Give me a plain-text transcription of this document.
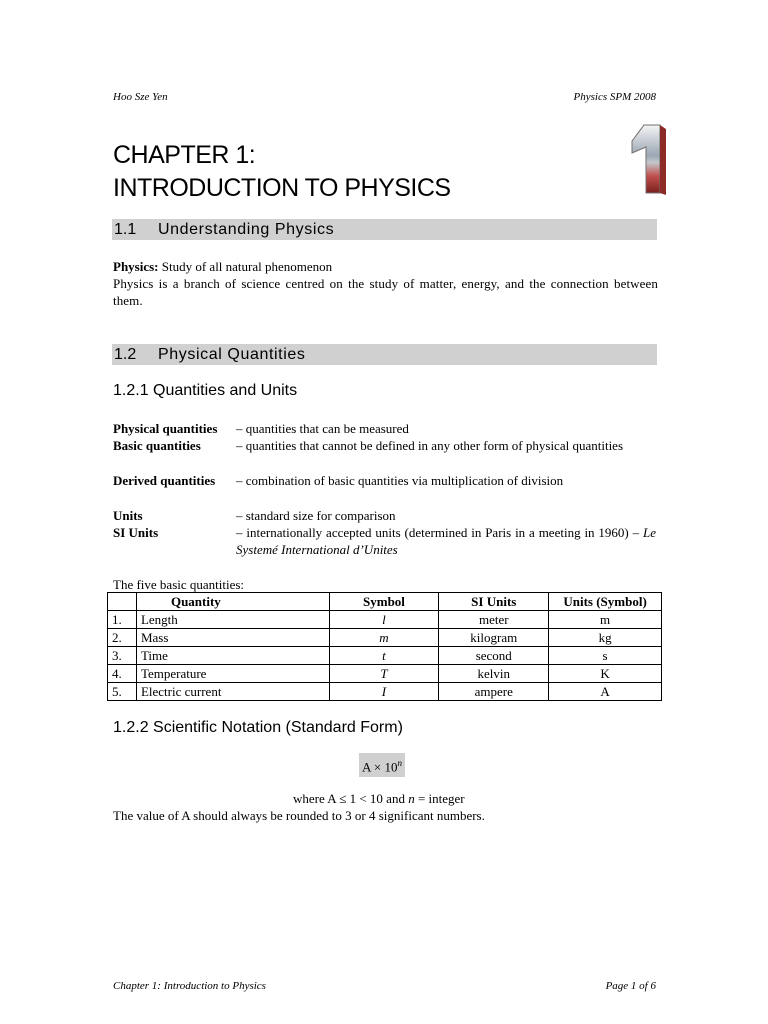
Hoo Sze Yen	Physics SPM 2008
CHAPTER 1:
INTRODUCTION TO PHYSICS
1.1 Understanding Physics
Physics: Study of all natural phenomenon
Physics is a branch of science centred on the study of matter, energy, and the connection between them.
1.2 Physical Quantities
1.2.1 Quantities and Units
Physical quantities – quantities that can be measured
Basic quantities	– quantities that cannot be defined in any other form of physical quantities
Derived quantities – combination of basic quantities via multiplication of division
Units	– standard size for comparison
SI Units	– internationally accepted units (determined in Paris in a meeting in 1960) – Le Systemé International d’Unites
The five basic quantities:
	Quantity	Symbol	SI Units	Units (Symbol)
1.	Length	l	meter	m
2.	Mass	m	kilogram	kg
3.	Time	t	second	s
4.	Temperature	T	kelvin	K
5.	Electric current	I	ampere	A
1.2.2 Scientific Notation (Standard Form)
$A \times 10^n$
where A ≤ 1 < 10 and n = integer
The value of A should always be rounded to 3 or 4 significant numbers.
Chapter 1: Introduction to Physics	Page 1 of 6
